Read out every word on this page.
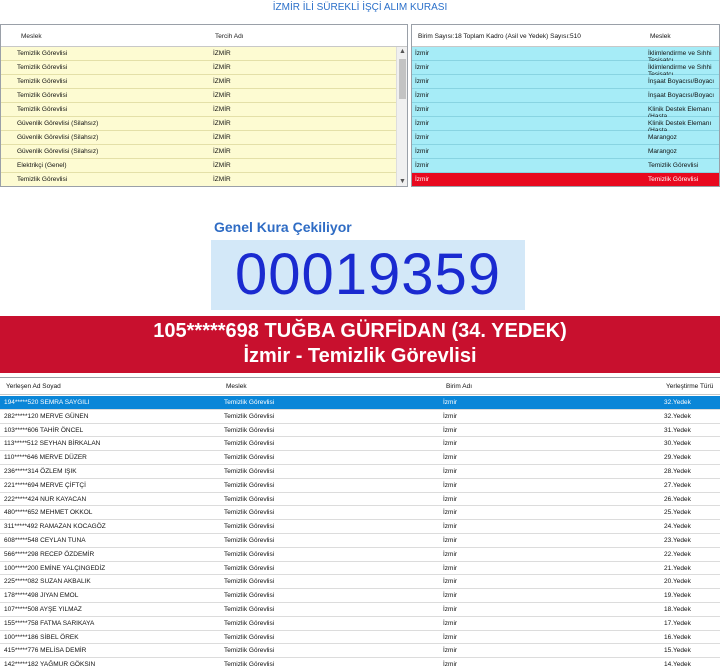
İZMİR İLİ SÜREKLİ İŞÇİ ALIM KURASI
Meslek	Tercih Adı
Temizlik Görevlisi	İZMİR
Temizlik Görevlisi	İZMİR
Temizlik Görevlisi	İZMİR
Temizlik Görevlisi	İZMİR
Temizlik Görevlisi	İZMİR
Güvenlik Görevlisi (Silahsız)	İZMİR
Güvenlik Görevlisi (Silahsız)	İZMİR
Güvenlik Görevlisi (Silahsız)	İZMİR
Elektrikçi (Genel)	İZMİR
Temizlik Görevlisi	İZMİR
▲
▼
Birim Sayısı:18 Toplam Kadro (Asil ve Yedek) Sayısı:510	Meslek
İzmir	İklimlendirme ve Sıhhi
İzmir	İklimlendirme ve Sıhhi
İzmir	İnşaat Boyacısı/Boyacı
İzmir	İnşaat Boyacısı/Boyacı
İzmir	Klinik Destek Elemanı
İzmir	Klinik Destek Elemanı
İzmir	Marangoz
İzmir	Marangoz
İzmir	Temizlik Görevlisi
İzmir	Temizlik Görevlisi
Genel Kura Çekiliyor
00019359
105*****698 TUĞBA GÜRFİDAN (34. YEDEK)
İzmir - Temizlik Görevlisi
Yerleşen Ad Soyad	Meslek	Birim Adı	Yerleştirme Türü
194*****520 SEMRA SAYGILI	Temizlik Görevlisi	İzmir	32.Yedek
282*****120 MERVE GÜNEN	Temizlik Görevlisi	İzmir	32.Yedek
103*****606 TAHİR ÖNCEL	Temizlik Görevlisi	İzmir	31.Yedek
113*****512 SEYHAN BİRKALAN	Temizlik Görevlisi	İzmir	30.Yedek
110*****646 MERVE DÜZER	Temizlik Görevlisi	İzmir	29.Yedek
236*****314 ÖZLEM IŞIK	Temizlik Görevlisi	İzmir	28.Yedek
221*****694 MERVE ÇİFTÇİ	Temizlik Görevlisi	İzmir	27.Yedek
222*****424 NUR KAYACAN	Temizlik Görevlisi	İzmir	26.Yedek
480*****652 MEHMET OKKOL	Temizlik Görevlisi	İzmir	25.Yedek
311*****492 RAMAZAN KOCAGÖZ	Temizlik Görevlisi	İzmir	24.Yedek
608*****548 CEYLAN TUNA	Temizlik Görevlisi	İzmir	23.Yedek
566*****298 RECEP ÖZDEMİR	Temizlik Görevlisi	İzmir	22.Yedek
100*****200 EMİNE YALÇINGEDİZ	Temizlik Görevlisi	İzmir	21.Yedek
225*****082 SUZAN AKBALIK	Temizlik Görevlisi	İzmir	20.Yedek
178*****498 JIYAN EMOL	Temizlik Görevlisi	İzmir	19.Yedek
107*****508 AYŞE YILMAZ	Temizlik Görevlisi	İzmir	18.Yedek
155*****758 FATMA SARIKAYA	Temizlik Görevlisi	İzmir	17.Yedek
100*****186 SİBEL ÖREK	Temizlik Görevlisi	İzmir	16.Yedek
415*****776 MELİSA DEMİR	Temizlik Görevlisi	İzmir	15.Yedek
142*****182 YAĞMUR GÖKSIN	Temizlik Görevlisi	İzmir	14.Yedek
